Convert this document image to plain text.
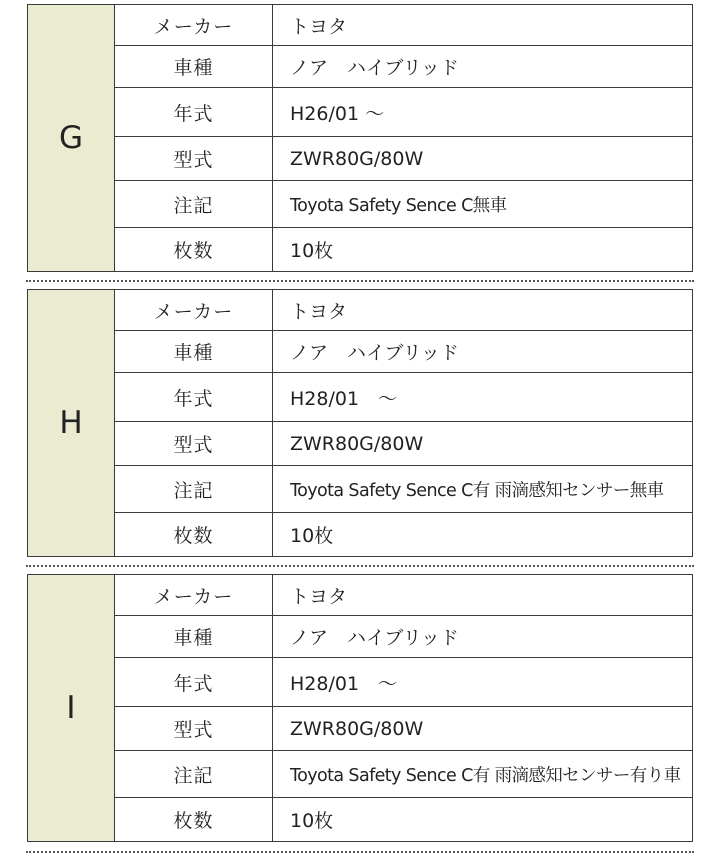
G
メーカー	トヨタ
車種	ノア　ハイブリッド
年式	H26/01 ～
型式	ZWR80G/80W
注記	Toyota Safety Sence C無車
枚数	10枚
H
メーカー	トヨタ
車種	ノア　ハイブリッド
年式	H28/01　～
型式	ZWR80G/80W
注記	Toyota Safety Sence C有 雨滴感知センサー無車
枚数	10枚
I
メーカー	トヨタ
車種	ノア　ハイブリッド
年式	H28/01　～
型式	ZWR80G/80W
注記	Toyota Safety Sence C有 雨滴感知センサー有り車
枚数	10枚
